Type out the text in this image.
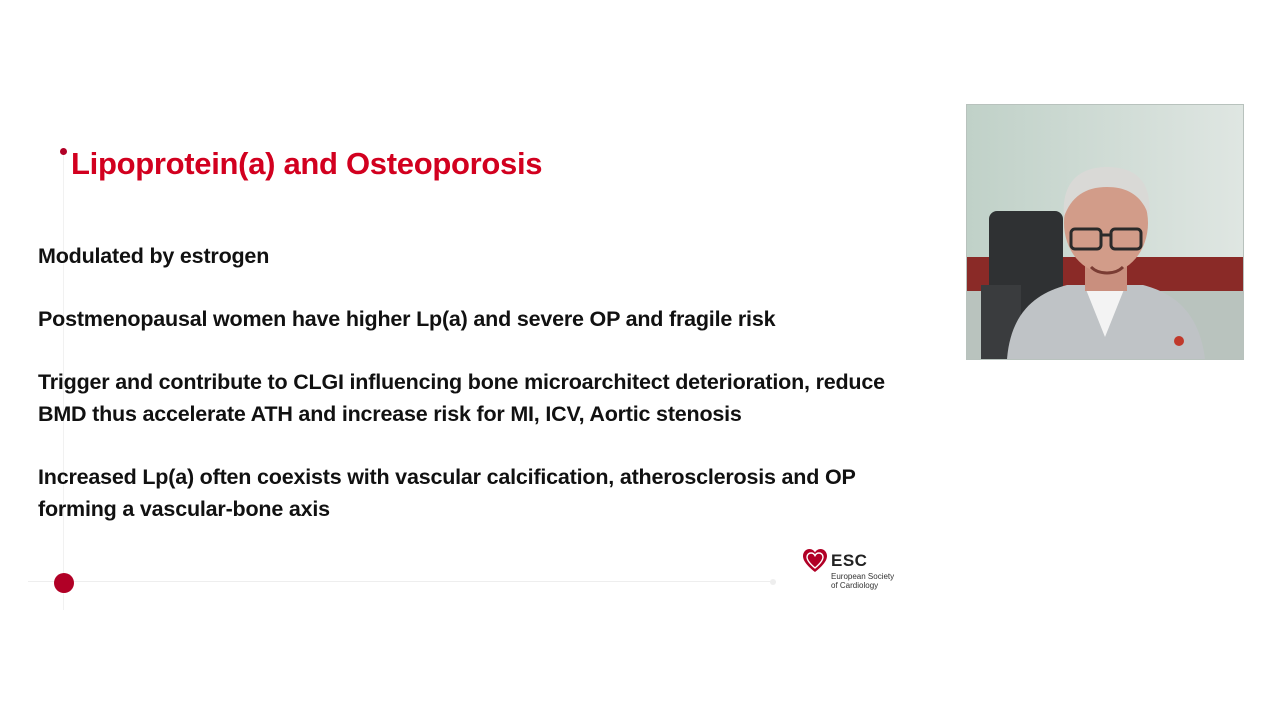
Lipoprotein(a) and Osteoporosis
Modulated by estrogen
Postmenopausal women have higher Lp(a) and severe OP and fragile risk
Trigger and contribute to CLGI influencing bone microarchitect deterioration, reduce BMD thus accelerate ATH and increase risk for MI, ICV, Aortic stenosis
Increased Lp(a) often coexists with vascular calcification, atherosclerosis and OP forming a vascular-bone axis
ESC
European Society
of Cardiology
